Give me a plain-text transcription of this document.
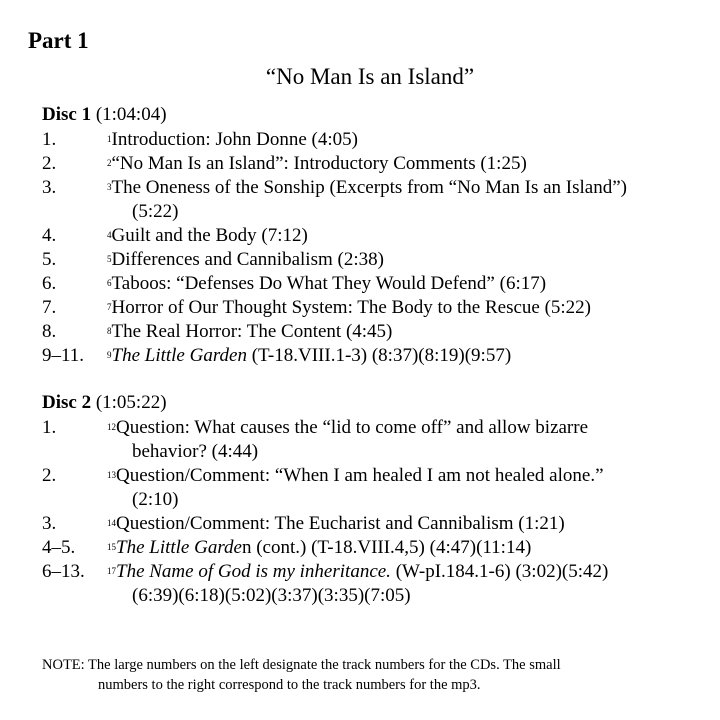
Part 1
“No Man Is an Island”
Disc 1 (1:04:04)
1.	$^1$Introduction: John Donne (4:05)
2.	$^2$“No Man Is an Island”: Introductory Comments (1:25)
3.	$^3$The Oneness of the Sonship (Excerpts from “No Man Is an Island”)
(5:22)
4.	$^4$Guilt and the Body (7:12)
5.	$^5$Differences and Cannibalism (2:38)
6.	$^6$Taboos: “Defenses Do What They Would Defend” (6:17)
7.	$^7$Horror of Our Thought System: The Body to the Rescue (5:22)
8.	$^8$The Real Horror: The Content (4:45)
9–11.	$^9$The Little Garden (T-18.VIII.1-3) (8:37)(8:19)(9:57)
Disc 2 (1:05:22)
1.	$^{12}$Question: What causes the “lid to come off” and allow bizarre
behavior? (4:44)
2.	$^{13}$Question/Comment: “When I am healed I am not healed alone.”
(2:10)
3.	$^{14}$Question/Comment: The Eucharist and Cannibalism (1:21)
4–5.	$^{15}$The Little Garden (cont.) (T-18.VIII.4,5) (4:47)(11:14)
6–13. $^{17}$The Name of God is my inheritance. (W-pI.184.1-6) (3:02)(5:42)
(6:39)(6:18)(5:02)(3:37)(3:35)(7:05)
NOTE: The large numbers on the left designate the track numbers for the CDs. The small
numbers to the right correspond to the track numbers for the mp3.
